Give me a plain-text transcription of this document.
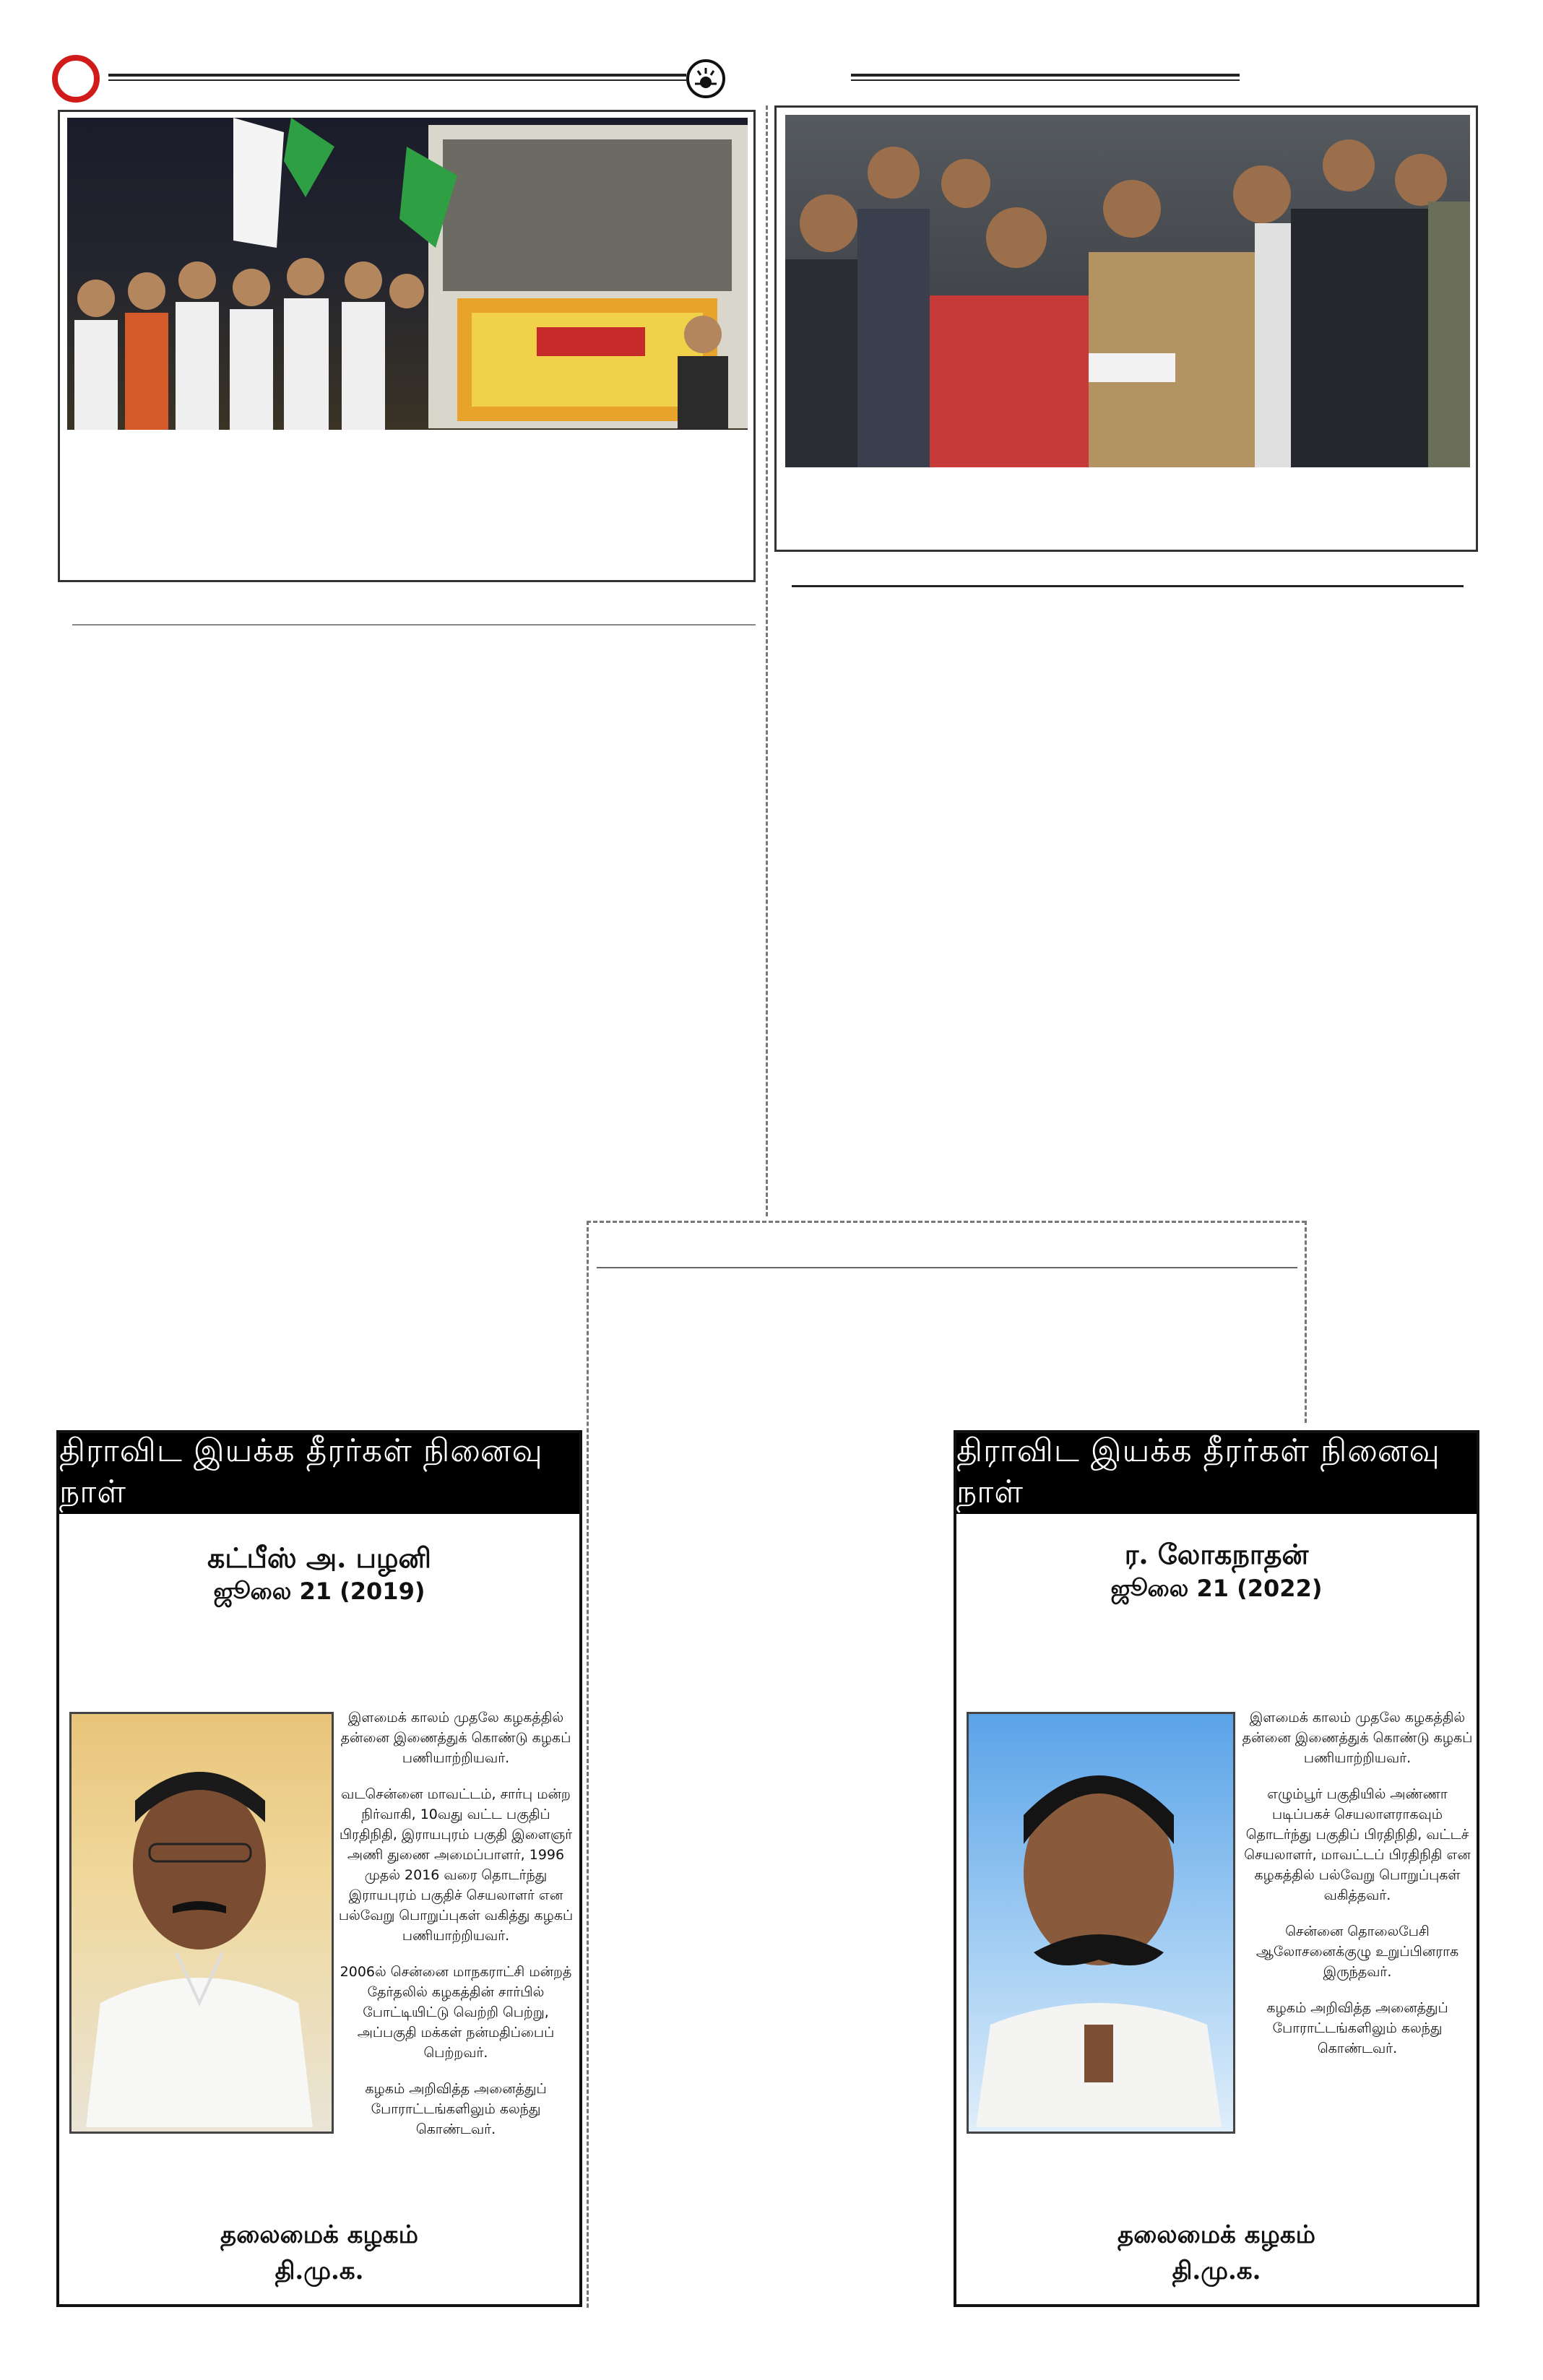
திராவிட இயக்க தீரர்கள் நினைவு நாள்
கட்பீஸ் அ. பழனி
ஜூலை 21 (2019)

இளமைக் காலம் முதலே கழகத்தில் தன்னை இணைத்துக் கொண்டு கழகப் பணியாற்றியவர்.

வடசென்னை மாவட்டம், சார்பு மன்ற நிர்வாகி, 10வது வட்ட பகுதிப் பிரதிநிதி, இராயபுரம் பகுதி இளைஞர் அணி துணை அமைப்பாளர், 1996 முதல் 2016 வரை தொடர்ந்து இராயபுரம் பகுதிச் செயலாளர் என பல்வேறு பொறுப்புகள் வகித்து கழகப் பணியாற்றியவர்.

2006ல் சென்னை மாநகராட்சி மன்றத் தேர்தலில் கழகத்தின் சார்பில் போட்டியிட்டு வெற்றி பெற்று, அப்பகுதி மக்கள் நன்மதிப்பைப் பெற்றவர்.

கழகம் அறிவித்த அனைத்துப் போராட்டங்களிலும் கலந்து கொண்டவர்.

தலைமைக் கழகம்
தி.மு.க.
திராவிட இயக்க தீரர்கள் நினைவு நாள்
ர. லோகநாதன்
ஜூலை 21 (2022)

இளமைக் காலம் முதலே கழகத்தில் தன்னை இணைத்துக் கொண்டு கழகப் பணியாற்றியவர்.

எழும்பூர் பகுதியில் அண்ணா படிப்பகச் செயலாளராகவும் தொடர்ந்து பகுதிப் பிரதிநிதி, வட்டச் செயலாளர், மாவட்டப் பிரதிநிதி என கழகத்தில் பல்வேறு பொறுப்புகள் வகித்தவர்.

சென்னை தொலைபேசி ஆலோசனைக்குழு உறுப்பினராக இருந்தவர்.

கழகம் அறிவித்த அனைத்துப் போராட்டங்களிலும் கலந்து கொண்டவர்.

தலைமைக் கழகம்
தி.மு.க.
